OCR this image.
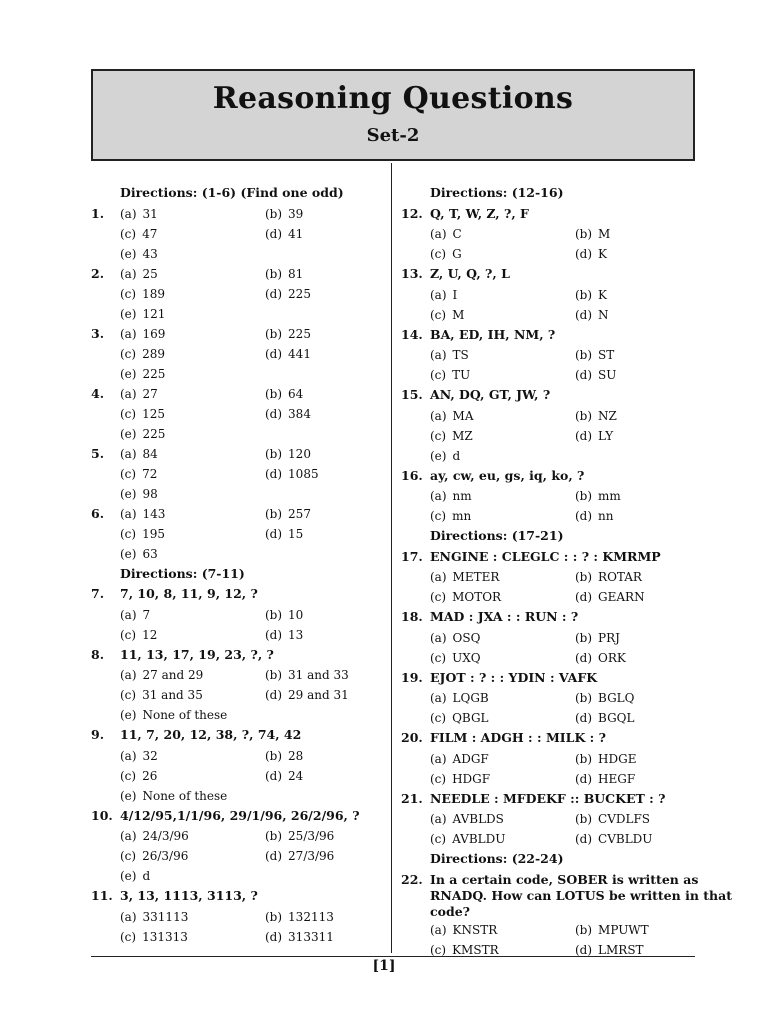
Reasoning Questions
Set-2
Directions: (1-6) (Find one odd)
1.	(a) 31	(b) 39
(c) 47	(d) 41
(e) 43
2.	(a) 25	(b) 81
(c) 189	(d) 225
(e) 121
3.	(a) 169	(b) 225
(c) 289	(d) 441
(e) 225
4.	(a) 27	(b) 64
(c) 125	(d) 384
(e) 225
5.	(a) 84	(b) 120
(c) 72	(d) 1085
(e) 98
6.	(a) 143	(b) 257
(c) 195	(d) 15
(e) 63
Directions: (7-11)
7.	7, 10, 8, 11, 9, 12, ?
(a) 7	(b) 10
(c) 12	(d) 13
8.	11, 13, 17, 19, 23, ?, ?
(a) 27 and 29	(b) 31 and 33
(c) 31 and 35	(d) 29 and 31
(e) None of these
9.	11, 7, 20, 12, 38, ?, 74, 42
(a) 32	(b) 28
(c) 26	(d) 24
(e) None of these
10. 4/12/95,1/1/96, 29/1/96, 26/2/96, ?
(a) 24/3/96	(b) 25/3/96
(c) 26/3/96	(d) 27/3/96
(e) d
11. 3, 13, 1113, 3113, ?
(a) 331113	(b) 132113
(c) 131313	(d) 313311
Directions: (12-16)
12. Q, T, W, Z, ?, F
(a) C	(b) M
(c) G	(d) K
13. Z, U, Q, ?, L
(a) I	(b) K
(c) M	(d) N
14. BA, ED, IH, NM, ?
(a) TS	(b) ST
(c) TU	(d) SU
15. AN, DQ, GT, JW, ?
(a) MA	(b) NZ
(c) MZ	(d) LY
(e) d
16. ay, cw, eu, gs, iq, ko, ?
(a) nm	(b) mm
(c) mn	(d) nn
Directions: (17-21)
17. ENGINE : CLEGLC : : ? : KMRMP
(a) METER	(b) ROTAR
(c) MOTOR	(d) GEARN
18. MAD : JXA : : RUN : ?
(a) OSQ	(b) PRJ
(c) UXQ	(d) ORK
19. EJOT : ? : : YDIN : VAFK
(a) LQGB	(b) BGLQ
(c) QBGL	(d) BGQL
20. FILM : ADGH : : MILK : ?
(a) ADGF	(b) HDGE
(c) HDGF	(d) HEGF
21. NEEDLE : MFDEKF :: BUCKET : ?
(a) AVBLDS	(b) CVDLFS
(c) AVBLDU	(d) CVBLDU
Directions: (22-24)
22. In a certain code, SOBER is written as
RNADQ. How can LOTUS be written in that
code?
(a) KNSTR	(b) MPUWT
(c) KMSTR	(d) LMRST
[1]
